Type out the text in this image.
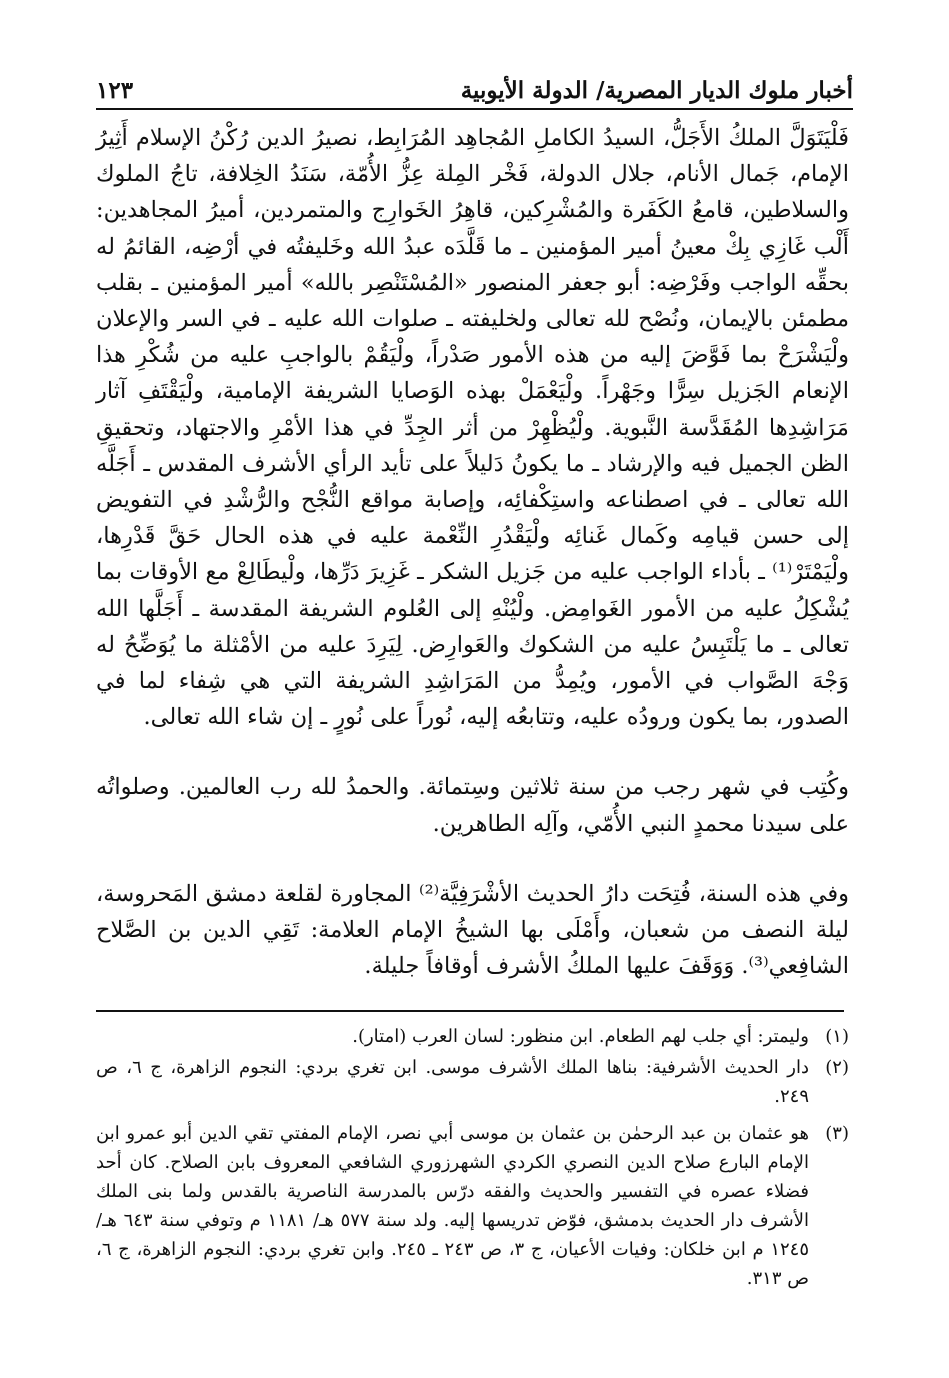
أخبار ملوك الديار المصرية/ الدولة الأيوبية
١٢٣

فَلْيَتَوَلَّ الملكُ الأَجَلُّ، السيدُ الكاملِ المُجاهِد المُرَابِط، نصيرُ الدين رُكْنُ الإسلام أَثِيرُ الإمام، جَمال الأنام، جلال الدولة، فَخْر المِلة عِزُّ الأُمّة، سَنَدُ الخِلافة، تاجُ الملوك والسلاطين، قامعُ الكَفَرة والمُشْرِكين، قاهِرُ الخَوارِج والمتمردين، أميرُ المجاهدين: أَلْب غَازِي بِكْ معينُ أمير المؤمنين ـ ما قَلَّدَه عبدُ الله وخَليفتُه في أرْضِه، القائمُ له بحقِّه الواجب وفَرْضِه: أبو جعفر المنصور «المُسْتَنْصِر بالله» أمير المؤمنين ـ بقلب مطمئن بالإيمان، ونُصْح لله تعالى ولخليفته ـ صلوات الله عليه ـ في السر والإعلان ولْيَشْرَحْ بما فَوَّضَ إليه من هذه الأمور صَدْراً، ولْيَقُمْ بالواجبِ عليه من شُكْرِ هذا الإنعام الجَزيل سِرًّا وجَهْراً. ولْيَعْمَلْ بهذه الوَصايا الشريفة الإمامية، ولْيَقْتَفِ آثار مَرَاشِدِها المُقَدَّسة النَّبوية. ولْيُظْهِرْ من أثر الجِدِّ في هذا الأمْرِ والاجتهاد، وتحقيقِ الظن الجميل فيه والإرشاد ـ ما يكونُ دَليلاً على تأيد الرأي الأشرف المقدس ـ أَجَلَّه الله تعالى ـ في اصطناعه واستِكْفائِه، وإصابة مواقع النُّجْح والرُّشْدِ في التفويض إلى حسن قيامِه وكَمال غَنائِه ولْيَقْدُرِ النِّعْمة عليه في هذه الحال حَقَّ قَدْرِها، ولْيَمْتَرْ⁽¹⁾ ـ بأداء الواجب عليه من جَزيل الشكر ـ غَزِيرَ دَرِّها، ولْيطَالِعْ مع الأوقات بما يُشْكِلُ عليه من الأمور الغَوامِض. ولْيُنْهِ إلى العُلوم الشريفة المقدسة ـ أَجَلَّها الله تعالى ـ ما يَلْتَبِسُ عليه من الشكوك والعَوارِض. لِيَرِدَ عليه من الأمْثلة ما يُوَضِّحُ له وَجْهَ الصَّواب في الأمور، ويُمِدُّ من المَرَاشِدِ الشريفة التي هي شِفاء لما في الصدور، بما يكون ورودُه عليه، وتتابعُه إليه، نُوراً على نُورٍ ـ إن شاء الله تعالى.

وكُتِب في شهر رجب من سنة ثلاثين وسِتمائة. والحمدُ لله رب العالمين. وصلواتُه على سيدنا محمدٍ النبي الأُمّي، وآلِه الطاهرين.

وفي هذه السنة، فُتِحَت دارُ الحديث الأشْرَفِيَّة⁽²⁾ المجاورة لقلعة دمشق المَحروسة، ليلة النصف من شعبان، وأَمْلَى بها الشيخُ الإمام العلامة: تَقِي الدين بن الصَّلاح الشافِعي⁽³⁾. وَوَقَفَ عليها الملكُ الأشرف أوقافاً جليلة.

(١)
وليمتر: أي جلب لهم الطعام. ابن منظور: لسان العرب (امتار).
(٢)
دار الحديث الأشرفية: بناها الملك الأشرف موسى. ابن تغري بردي: النجوم الزاهرة، ج ٦، ص ٢٤٩.
(٣)
هو عثمان بن عبد الرحمٰن بن عثمان بن موسى أبي نصر، الإمام المفتي تقي الدين أبو عمرو ابن الإمام البارع صلاح الدين النصري الكردي الشهرزوري الشافعي المعروف بابن الصلاح. كان أحد فضلاء عصره في التفسير والحديث والفقه درّس بالمدرسة الناصرية بالقدس ولما بنى الملك الأشرف دار الحديث بدمشق، فوّض تدريسها إليه. ولد سنة ٥٧٧ هـ/ ١١٨١ م وتوفي سنة ٦٤٣ هـ/ ١٢٤٥ م ابن خلكان: وفيات الأعيان، ج ٣، ص ٢٤٣ ـ ٢٤٥. وابن تغري بردي: النجوم الزاهرة، ج ٦، ص ٣١٣.
